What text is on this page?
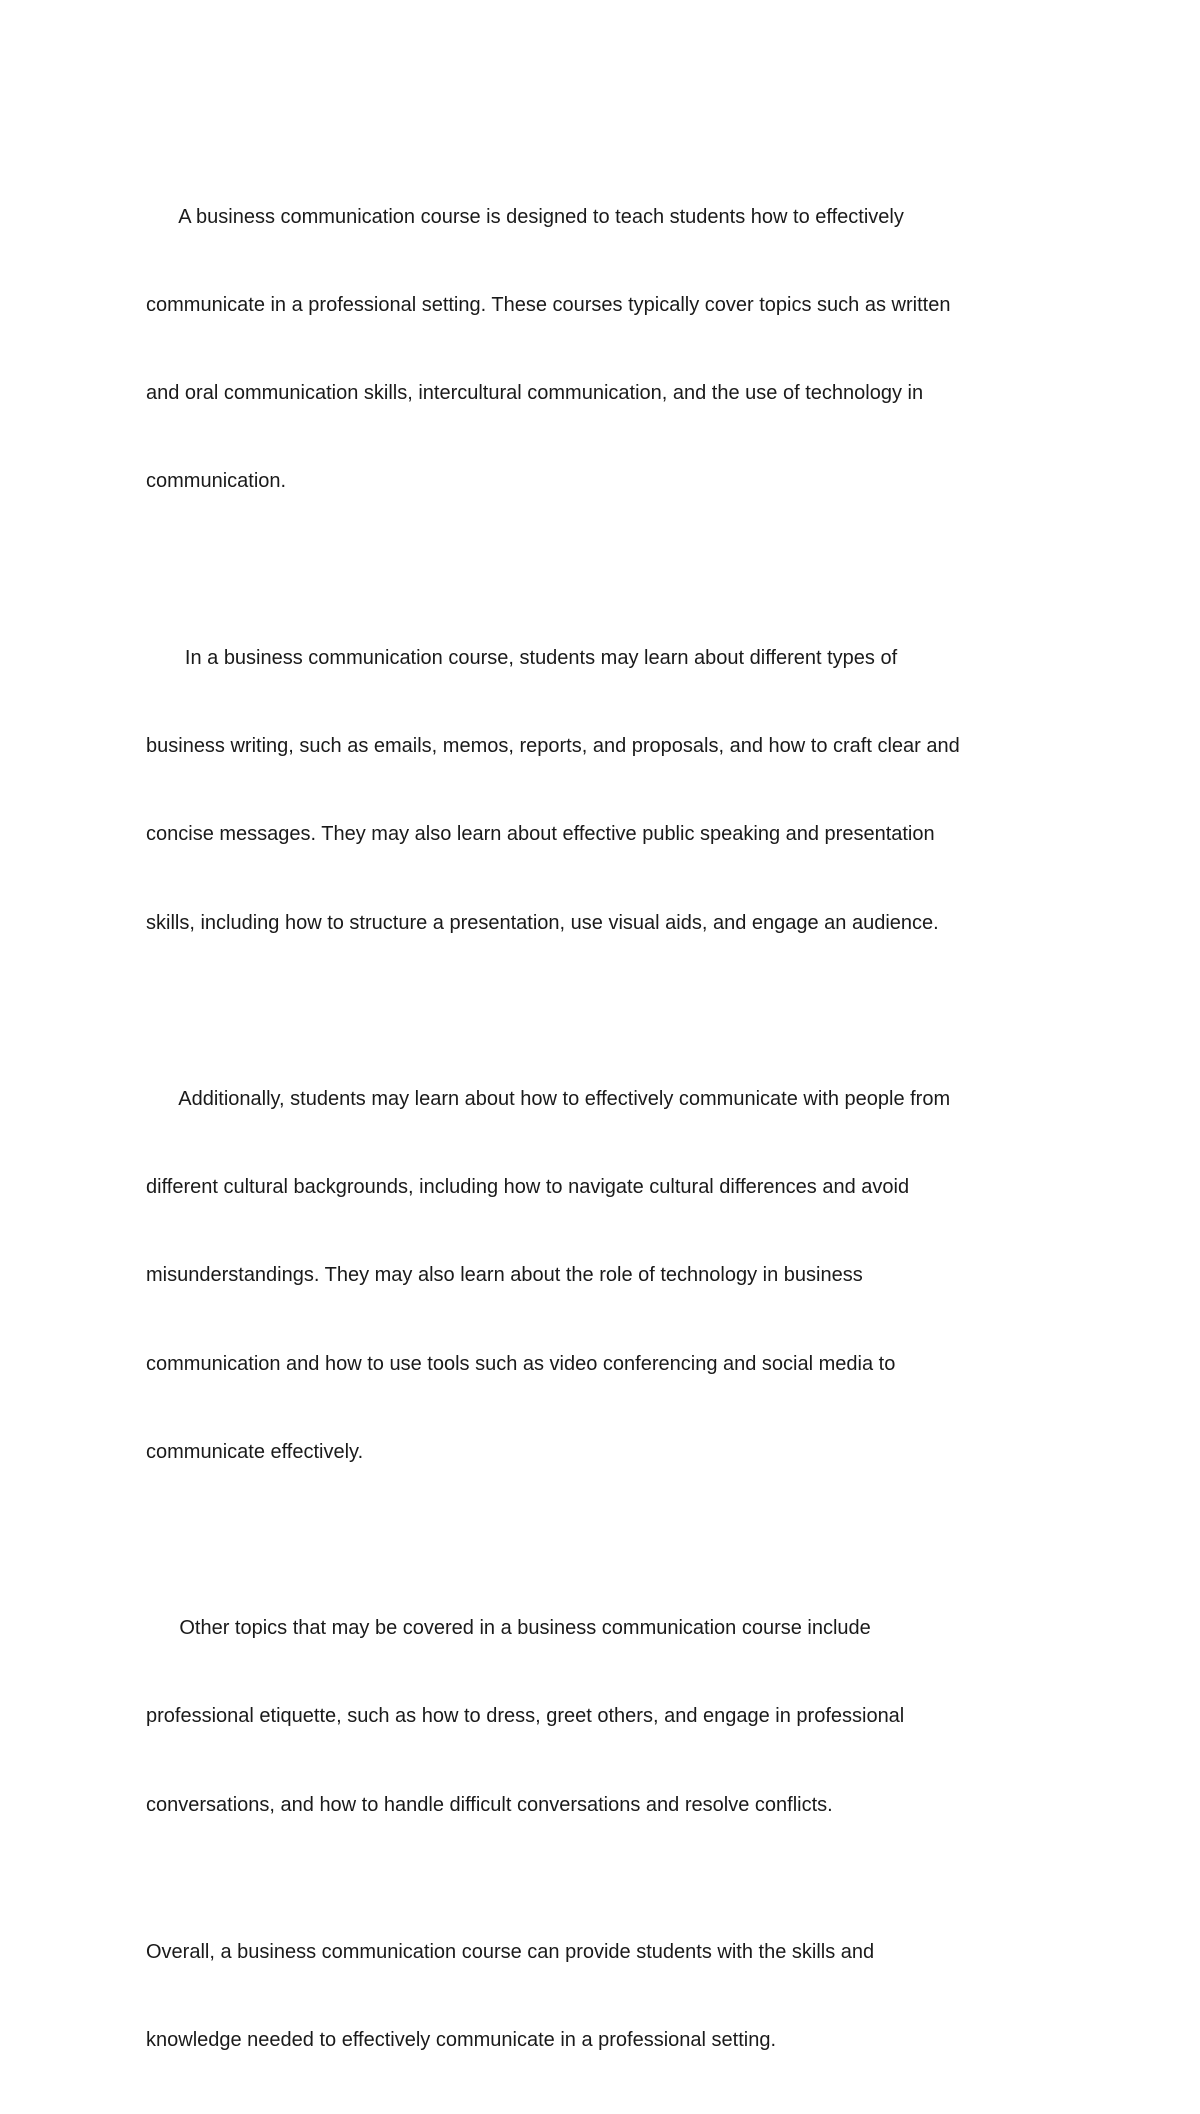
A business communication course is designed to teach students how to effectively

communicate in a professional setting. These courses typically cover topics such as written

and oral communication skills, intercultural communication, and the use of technology in

communication.

In a business communication course, students may learn about different types of

business writing, such as emails, memos, reports, and proposals, and how to craft clear and

concise messages. They may also learn about effective public speaking and presentation

skills, including how to structure a presentation, use visual aids, and engage an audience.

Additionally, students may learn about how to effectively communicate with people from

different cultural backgrounds, including how to navigate cultural differences and avoid

misunderstandings. They may also learn about the role of technology in business

communication and how to use tools such as video conferencing and social media to

communicate effectively.

Other topics that may be covered in a business communication course include

professional etiquette, such as how to dress, greet others, and engage in professional

conversations, and how to handle difficult conversations and resolve conflicts.

Overall, a business communication course can provide students with the skills and

knowledge needed to effectively communicate in a professional setting.
